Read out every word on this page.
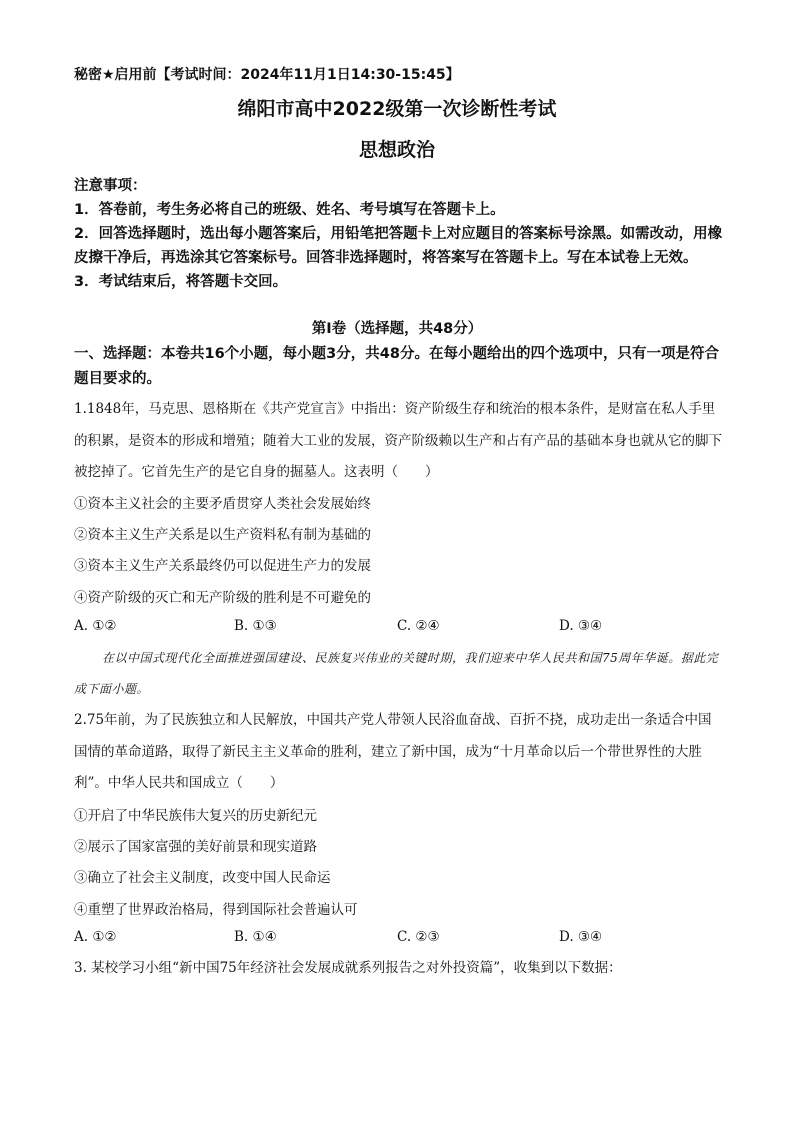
秘密★启用前【考试时间：2024年11月1日14:30-15:45】
绵阳市高中2022级第一次诊断性考试
思想政治
注意事项：
1．答卷前，考生务必将自己的班级、姓名、考号填写在答题卡上。
2．回答选择题时，选出每小题答案后，用铅笔把答题卡上对应题目的答案标号涂黑。如需改动，用橡皮擦干净后，再选涂其它答案标号。回答非选择题时，将答案写在答题卡上。写在本试卷上无效。
3．考试结束后，将答题卡交回。
第Ⅰ卷（选择题，共48分）
一、选择题：本卷共16个小题，每小题3分，共48分。在每小题给出的四个选项中，只有一项是符合题目要求的。
1.1848年，马克思、恩格斯在《共产党宣言》中指出：资产阶级生存和统治的根本条件，是财富在私人手里的积累，是资本的形成和增殖；随着大工业的发展，资产阶级赖以生产和占有产品的基础本身也就从它的脚下被挖掉了。它首先生产的是它自身的掘墓人。这表明（　　）
①资本主义社会的主要矛盾贯穿人类社会发展始终
②资本主义生产关系是以生产资料私有制为基础的
③资本主义生产关系最终仍可以促进生产力的发展
④资产阶级的灭亡和无产阶级的胜利是不可避免的
A. ①②	B. ①③	C. ②④	D. ③④
在以中国式现代化全面推进强国建设、民族复兴伟业的关键时期，我们迎来中华人民共和国75周年华诞。据此完成下面小题。
2.75年前，为了民族独立和人民解放，中国共产党人带领人民浴血奋战、百折不挠，成功走出一条适合中国国情的革命道路，取得了新民主主义革命的胜利，建立了新中国，成为“十月革命以后一个带世界性的大胜利”。中华人民共和国成立（　　）
①开启了中华民族伟大复兴的历史新纪元
②展示了国家富强的美好前景和现实道路
③确立了社会主义制度，改变中国人民命运
④重塑了世界政治格局，得到国际社会普遍认可
A. ①②	B. ①④	C. ②③	D. ③④
3. 某校学习小组“新中国75年经济社会发展成就系列报告之对外投资篇”，收集到以下数据：
